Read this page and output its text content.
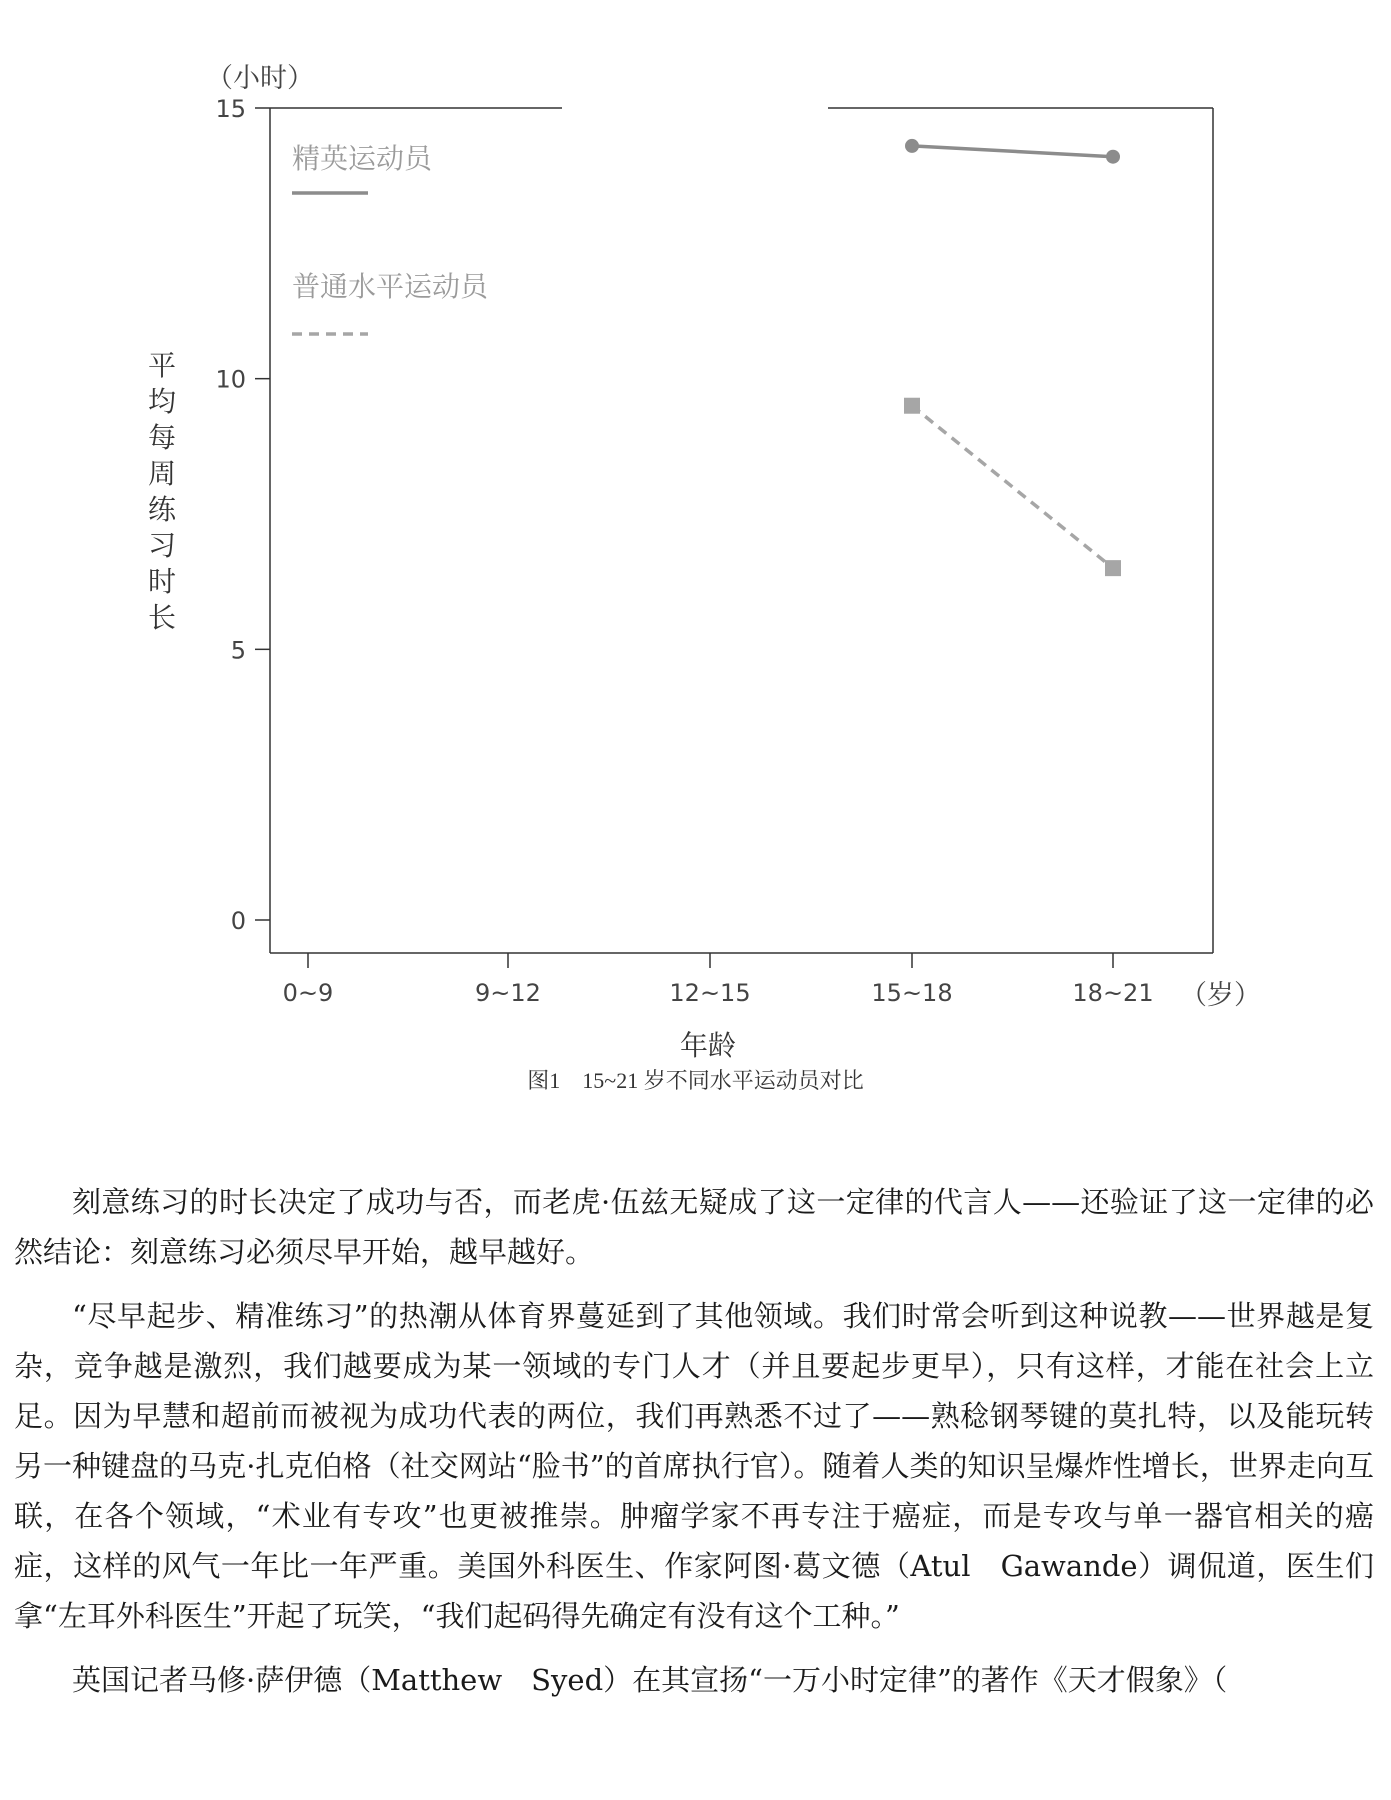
0
5
10
15
0~9	9~12	12~15	15~18	18~21
精英运动员
普通水平运动员
（小时）
（岁）
平
均
每
周
练
习
时
长
年龄
图1　15~21 岁不同水平运动员对比

刻意练习的时长决定了成功与否，而老虎·伍兹无疑成了这一定律的代言人——还验证了这一定律的必然结论：刻意练习必须尽早开始，越早越好。

“尽早起步、精准练习”的热潮从体育界蔓延到了其他领域。我们时常会听到这种说教——世界越是复杂，竞争越是激烈，我们越要成为某一领域的专门人才（并且要起步更早），只有这样，才能在社会上立足。因为早慧和超前而被视为成功代表的两位，我们再熟悉不过了——熟稔钢琴键的莫扎特，以及能玩转另一种键盘的马克·扎克伯格（社交网站“脸书”的首席执行官）。随着人类的知识呈爆炸性增长，世界走向互联，在各个领域，“术业有专攻”也更被推崇。肿瘤学家不再专注于癌症，而是专攻与单一器官相关的癌症，这样的风气一年比一年严重。美国外科医生、作家阿图·葛文德（Atul　Gawande）调侃道，医生们拿“左耳外科医生”开起了玩笑，“我们起码得先确定有没有这个工种。”

英国记者马修·萨伊德（Matthew　Syed）在其宣扬“一万小时定律”的著作《天才假象》（
